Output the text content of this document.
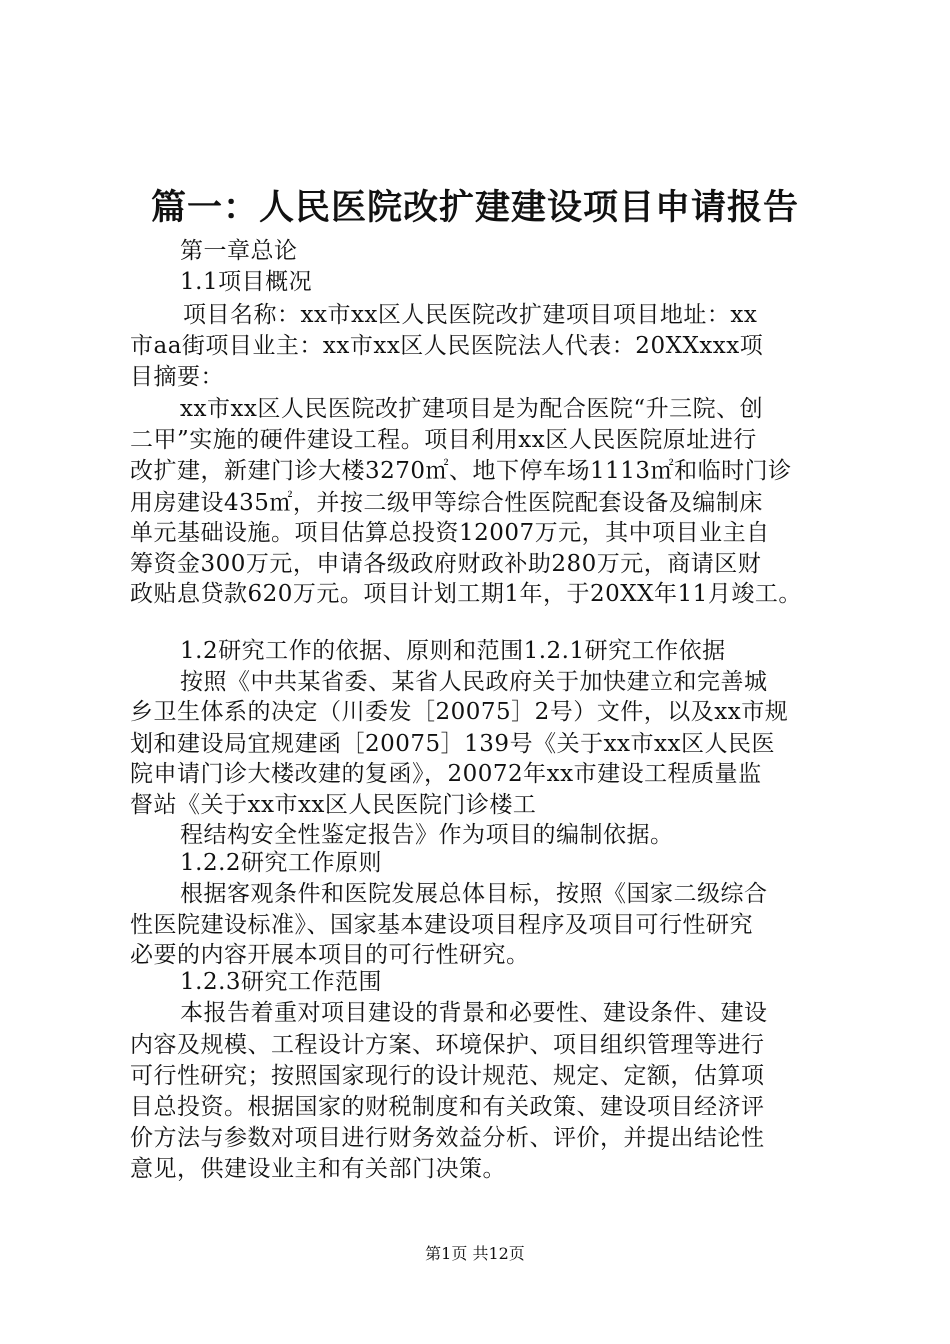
篇一：人民医院改扩建建设项目申请报告
第一章总论
1.1项目概况
项目名称：xx市xx区人民医院改扩建项目项目地址：xx
市aa街项目业主：xx市xx区人民医院法人代表：20XXxxx项
目摘要：
xx市xx区人民医院改扩建项目是为配合医院“升三院、创
二甲”实施的硬件建设工程。项目利用xx区人民医院原址进行
改扩建，新建门诊大楼3270㎡、地下停车场1113㎡和临时门诊
用房建设435㎡，并按二级甲等综合性医院配套设备及编制床
单元基础设施。项目估算总投资12007万元，其中项目业主自
筹资金300万元，申请各级政府财政补助280万元，商请区财
政贴息贷款620万元。项目计划工期1年，于20XX年11月竣工。
1.2研究工作的依据、原则和范围1.2.1研究工作依据
按照《中共某省委、某省人民政府关于加快建立和完善城
乡卫生体系的决定（川委发［20075］2号）文件，以及xx市规
划和建设局宜规建函［20075］139号《关于xx市xx区人民医
院申请门诊大楼改建的复函》，20072年xx市建设工程质量监
督站《关于xx市xx区人民医院门诊楼工
程结构安全性鉴定报告》作为项目的编制依据。
1.2.2研究工作原则
根据客观条件和医院发展总体目标，按照《国家二级综合
性医院建设标准》、国家基本建设项目程序及项目可行性研究
必要的内容开展本项目的可行性研究。
1.2.3研究工作范围
本报告着重对项目建设的背景和必要性、建设条件、建设
内容及规模、工程设计方案、环境保护、项目组织管理等进行
可行性研究；按照国家现行的设计规范、规定、定额，估算项
目总投资。根据国家的财税制度和有关政策、建设项目经济评
价方法与参数对项目进行财务效益分析、评价，并提出结论性
意见，供建设业主和有关部门决策。
第1页 共12页
